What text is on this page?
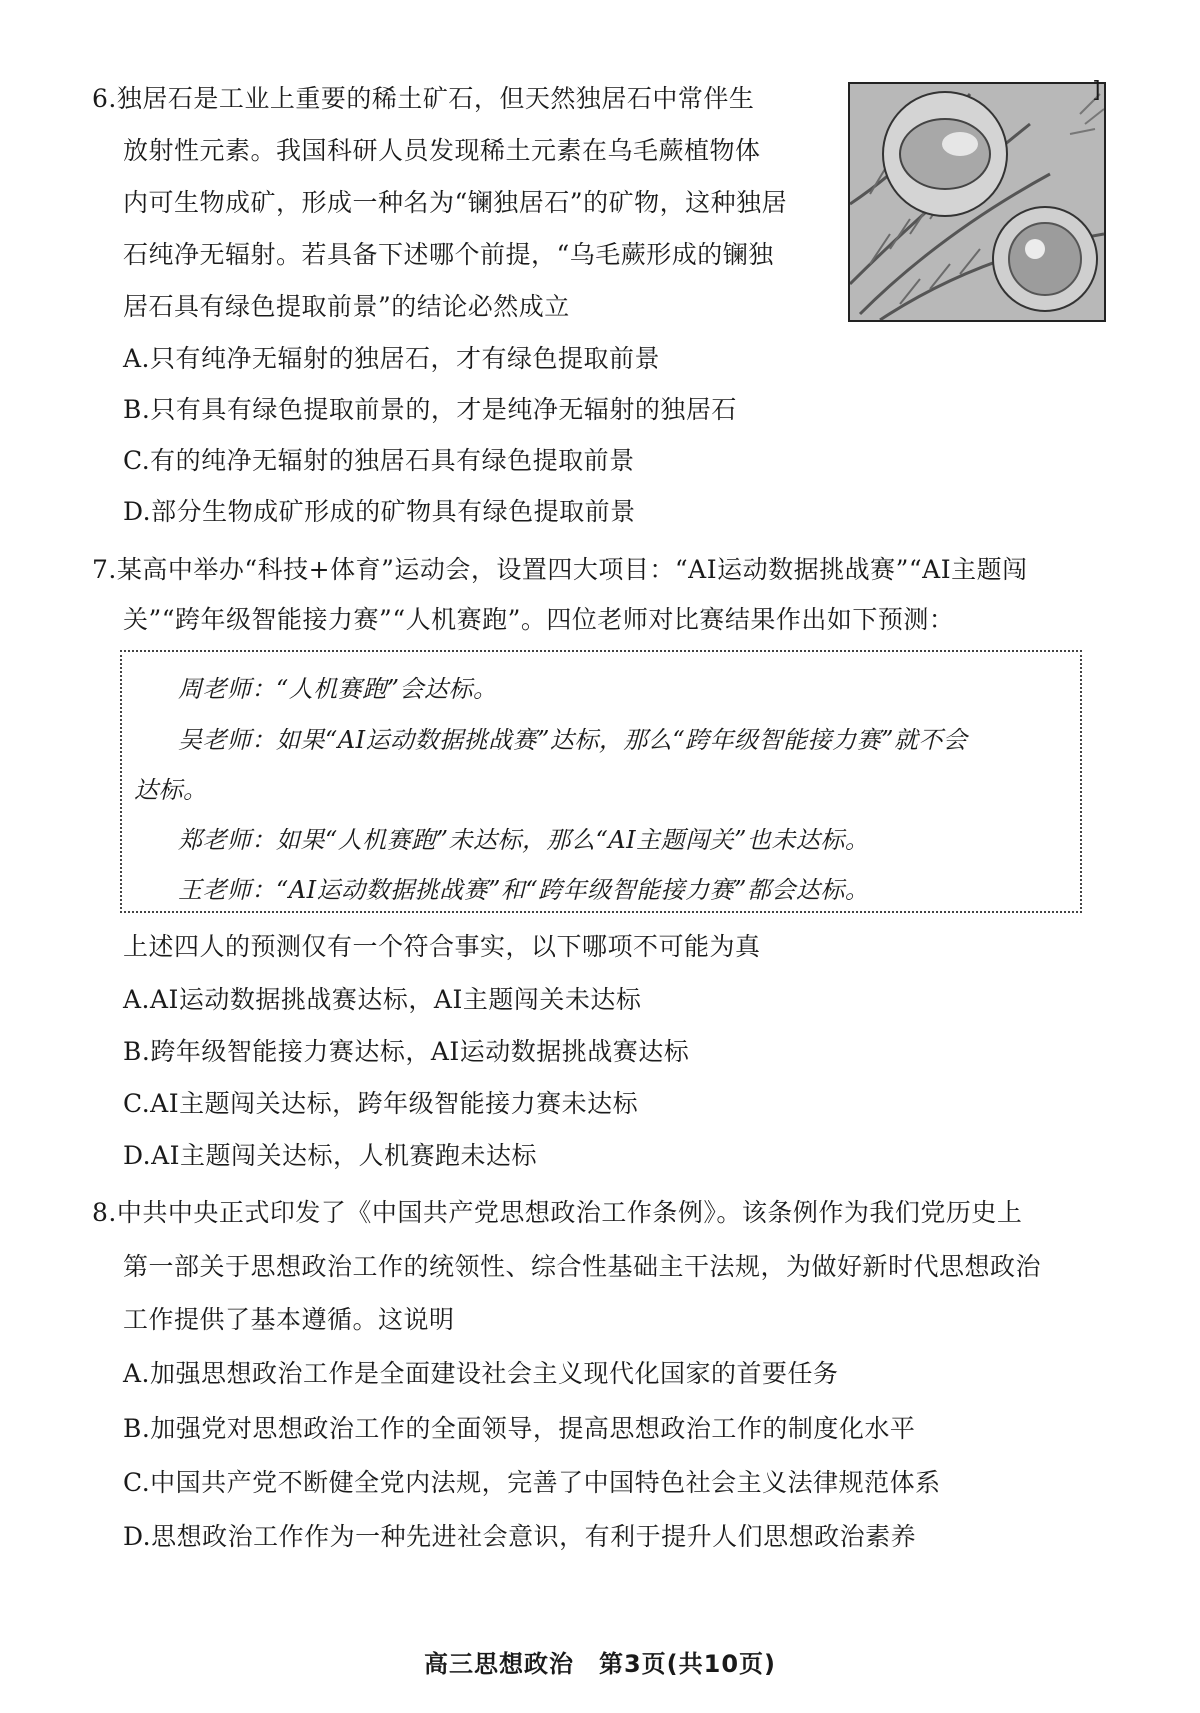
6.独居石是工业上重要的稀土矿石，但天然独居石中常伴生
放射性元素。我国科研人员发现稀土元素在乌毛蕨植物体
内可生物成矿，形成一种名为“镧独居石”的矿物，这种独居
石纯净无辐射。若具备下述哪个前提，“乌毛蕨形成的镧独
居石具有绿色提取前景”的结论必然成立
]
A.只有纯净无辐射的独居石，才有绿色提取前景
B.只有具有绿色提取前景的，才是纯净无辐射的独居石
C.有的纯净无辐射的独居石具有绿色提取前景
D.部分生物成矿形成的矿物具有绿色提取前景
7.某高中举办“科技+体育”运动会，设置四大项目：“AI运动数据挑战赛”“AI主题闯
关”“跨年级智能接力赛”“人机赛跑”。四位老师对比赛结果作出如下预测：
周老师：“人机赛跑”会达标。
吴老师：如果“AI运动数据挑战赛”达标，那么“跨年级智能接力赛”就不会
达标。
郑老师：如果“人机赛跑”未达标，那么“AI主题闯关”也未达标。
王老师：“AI运动数据挑战赛”和“跨年级智能接力赛”都会达标。
上述四人的预测仅有一个符合事实，以下哪项不可能为真
A.AI运动数据挑战赛达标，AI主题闯关未达标
B.跨年级智能接力赛达标，AI运动数据挑战赛达标
C.AI主题闯关达标，跨年级智能接力赛未达标
D.AI主题闯关达标，人机赛跑未达标
8.中共中央正式印发了《中国共产党思想政治工作条例》。该条例作为我们党历史上
第一部关于思想政治工作的统领性、综合性基础主干法规，为做好新时代思想政治
工作提供了基本遵循。这说明
A.加强思想政治工作是全面建设社会主义现代化国家的首要任务
B.加强党对思想政治工作的全面领导，提高思想政治工作的制度化水平
C.中国共产党不断健全党内法规，完善了中国特色社会主义法律规范体系
D.思想政治工作作为一种先进社会意识，有利于提升人们思想政治素养
高三思想政治　第3页(共10页)
